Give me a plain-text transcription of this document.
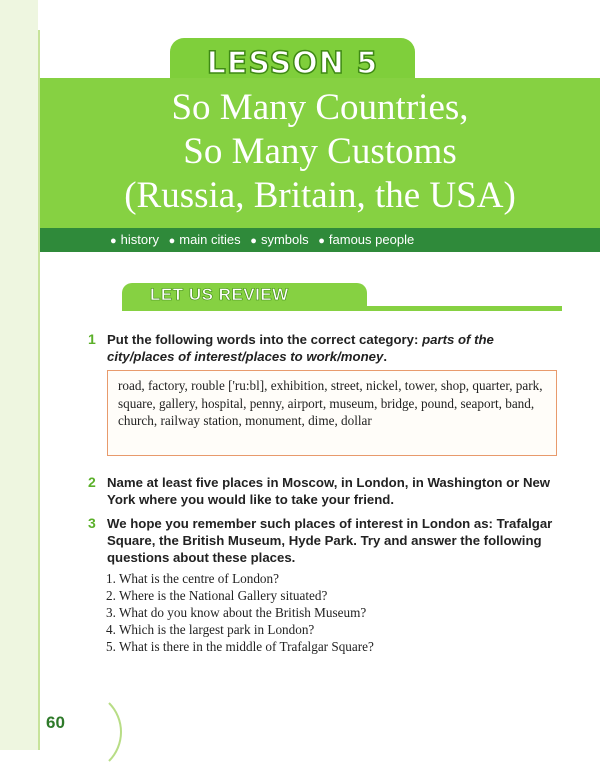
LESSON 5
So Many Countries,
So Many Customs
(Russia, Britain, the USA)
● history ● main cities ● symbols ● famous people
LET US REVIEW
1 Put the following words into the correct category: parts of the city/places of interest/places to work/money.
road, factory, rouble ['ru:bl], exhibition, street, nickel, tower, shop, quarter, park, square, gallery, hospital, penny, airport, museum, bridge, pound, seaport, band, church, railway station, monument, dime, dollar
2 Name at least five places in Moscow, in London, in Washington or New York where you would like to take your friend.
3 We hope you remember such places of interest in London as: Trafalgar Square, the British Museum, Hyde Park. Try and answer the following questions about these places.
1. What is the centre of London?
2. Where is the National Gallery situated?
3. What do you know about the British Museum?
4. Which is the largest park in London?
5. What is there in the middle of Trafalgar Square?
60
